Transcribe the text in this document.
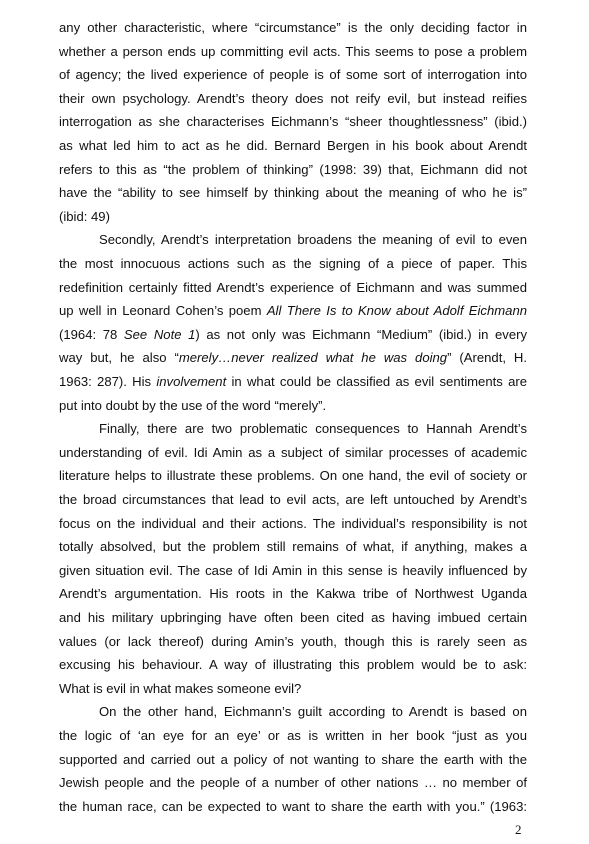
any other characteristic, where “circumstance” is the only deciding factor in
whether a person ends up committing evil acts. This seems to pose a problem
of agency; the lived experience of people is of some sort of interrogation into
their own psychology. Arendt’s theory does not reify evil, but instead reifies
interrogation as she characterises Eichmann’s “sheer thoughtlessness” (ibid.)
as what led him to act as he did. Bernard Bergen in his book about Arendt
refers to this as “the problem of thinking” (1998: 39) that, Eichmann did not
have the “ability to see himself by thinking about the meaning of who he is”
(ibid: 49)
Secondly, Arendt’s interpretation broadens the meaning of evil to even
the most innocuous actions such as the signing of a piece of paper. This
redefinition certainly fitted Arendt’s experience of Eichmann and was summed
up well in Leonard Cohen’s poem All There Is to Know about Adolf Eichmann
(1964: 78 See Note 1) as not only was Eichmann “Medium” (ibid.) in every
way but, he also “merely…never realized what he was doing” (Arendt, H.
1963: 287). His involvement in what could be classified as evil sentiments are
put into doubt by the use of the word “merely”.
Finally, there are two problematic consequences to Hannah Arendt’s
understanding of evil. Idi Amin as a subject of similar processes of academic
literature helps to illustrate these problems. On one hand, the evil of society or
the broad circumstances that lead to evil acts, are left untouched by Arendt’s
focus on the individual and their actions. The individual’s responsibility is not
totally absolved, but the problem still remains of what, if anything, makes a
given situation evil. The case of Idi Amin in this sense is heavily influenced by
Arendt’s argumentation. His roots in the Kakwa tribe of Northwest Uganda
and his military upbringing have often been cited as having imbued certain
values (or lack thereof) during Amin’s youth, though this is rarely seen as
excusing his behaviour. A way of illustrating this problem would be to ask:
What is evil in what makes someone evil?
On the other hand, Eichmann’s guilt according to Arendt is based on
the logic of ‘an eye for an eye’ or as is written in her book “just as you
supported and carried out a policy of not wanting to share the earth with the
Jewish people and the people of a number of other nations … no member of
the human race, can be expected to want to share the earth with you.” (1963:
2
